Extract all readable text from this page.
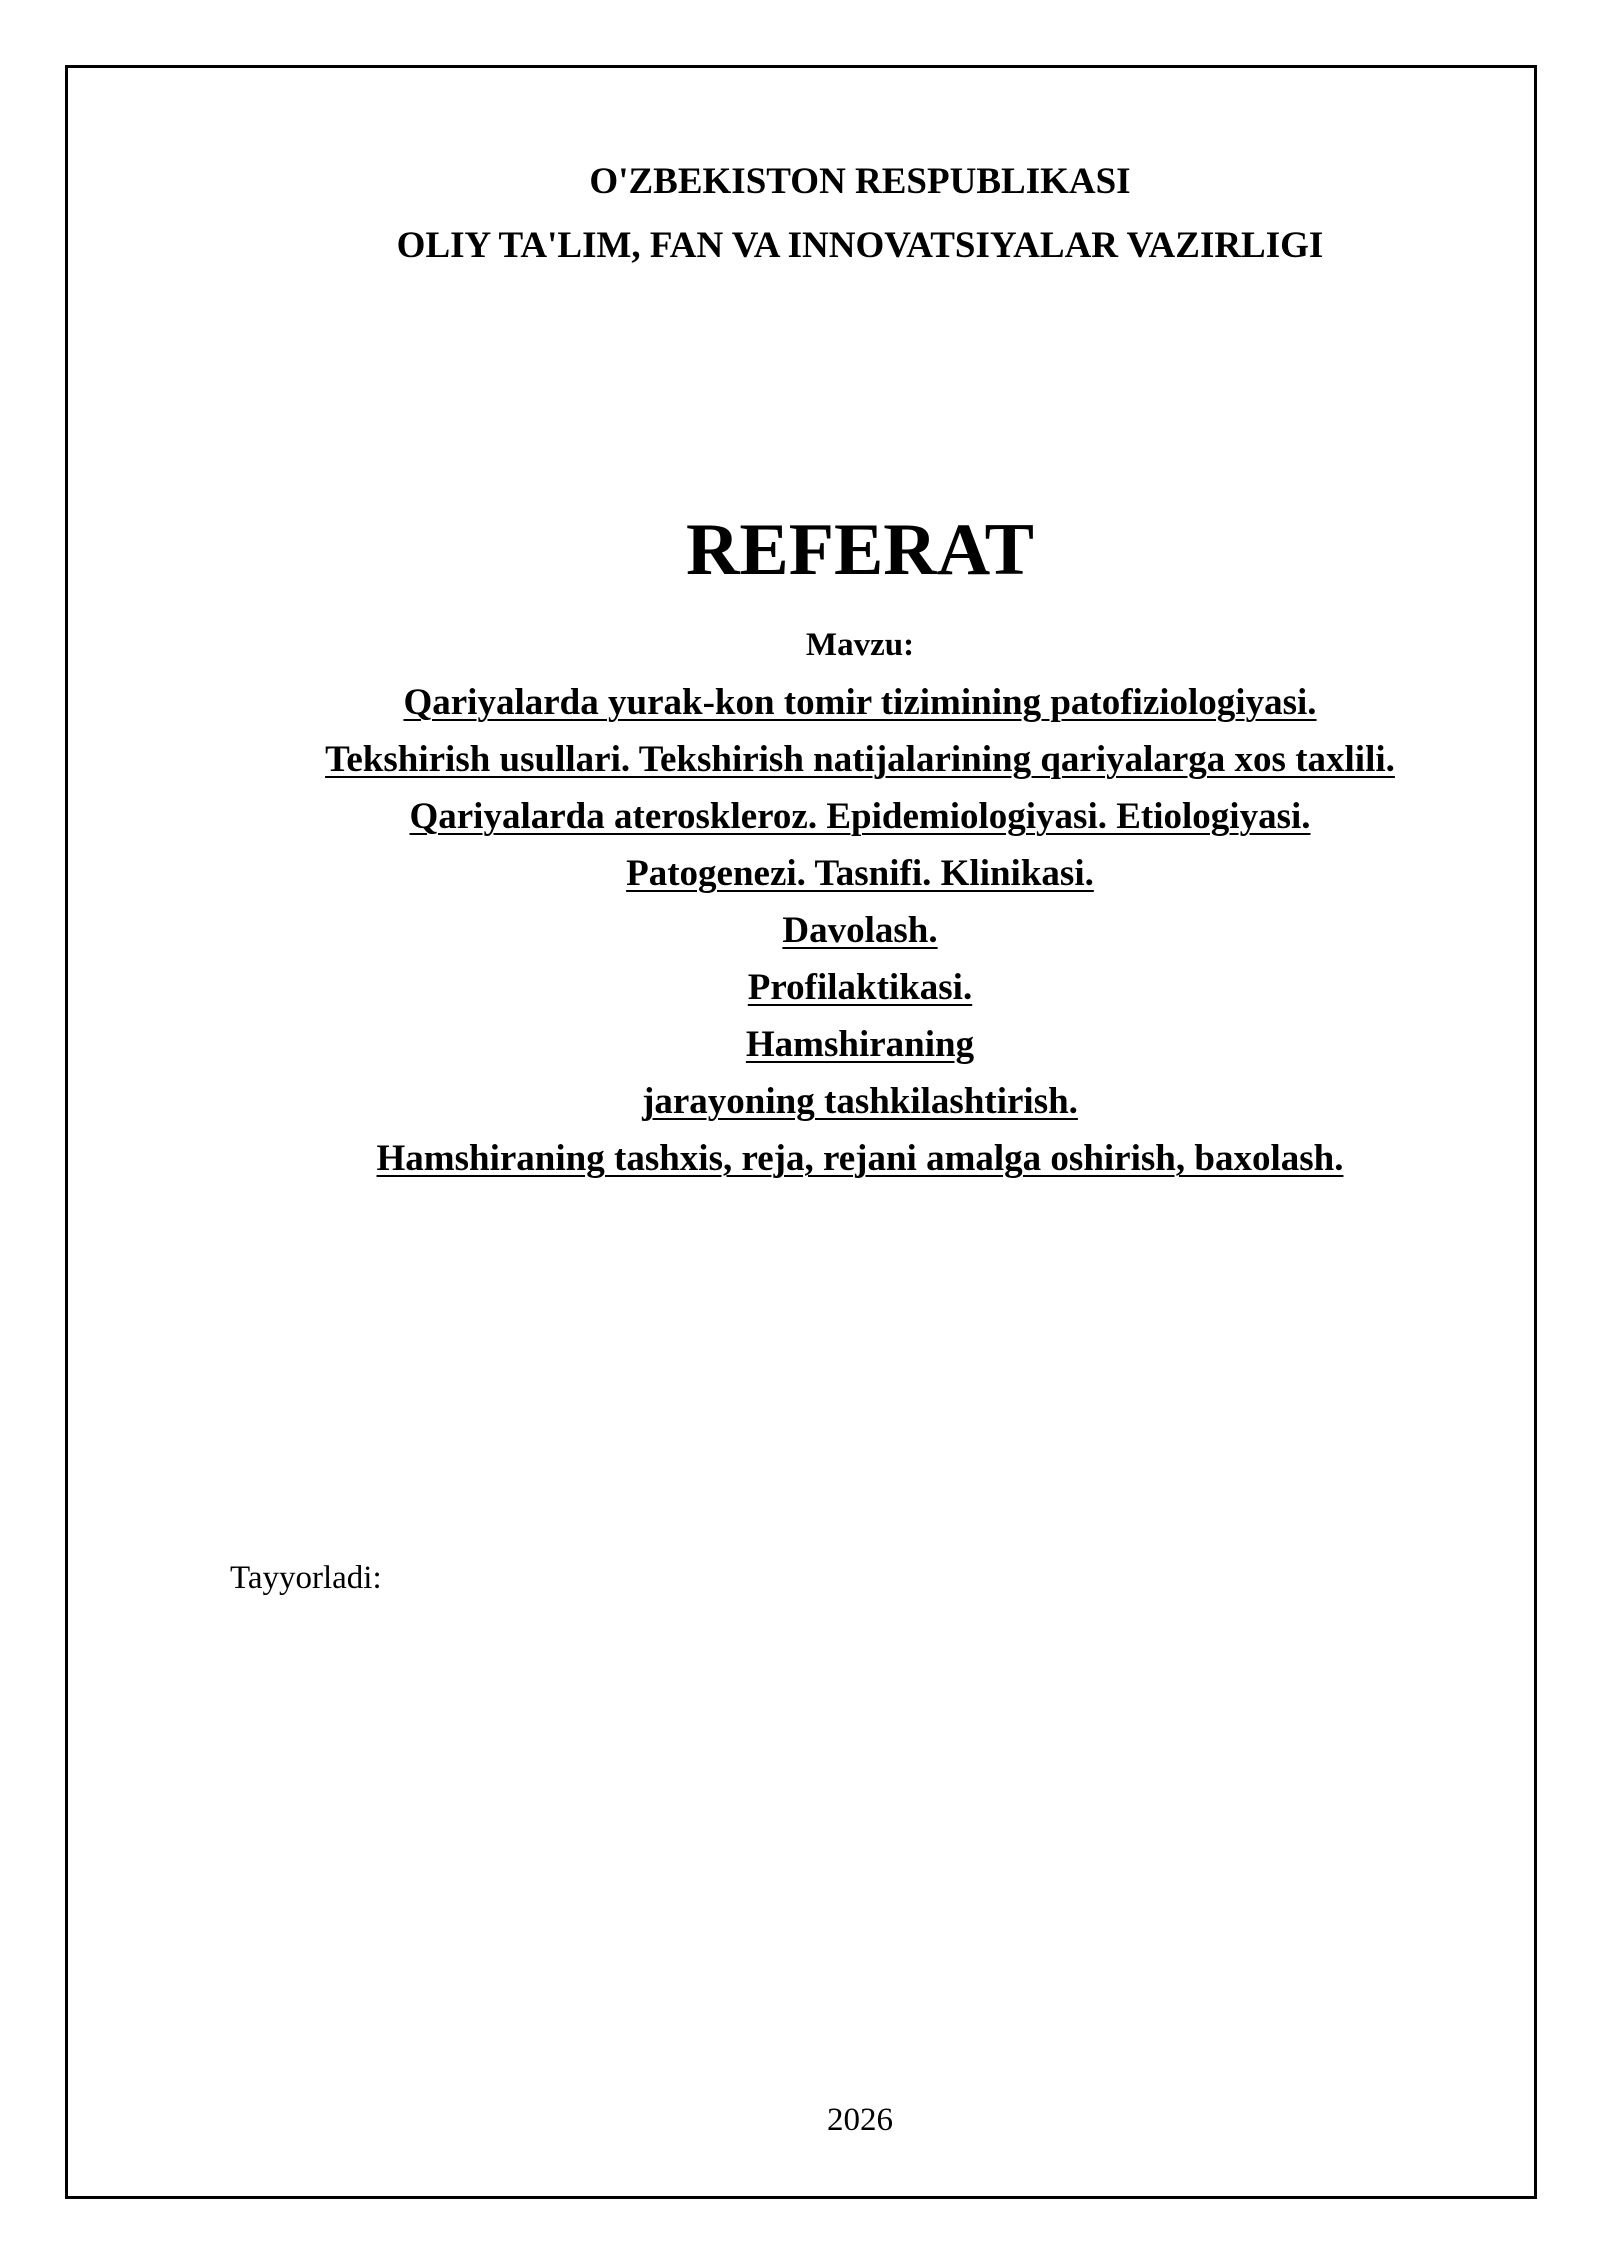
O'ZBEKISTON RESPUBLIKASI
OLIY TA'LIM, FAN VA INNOVATSIYALAR VAZIRLIGI
REFERAT
Mavzu:
Qariyalarda yurak-kon tomir tizimining patofiziologiyasi.
Tekshirish usullari. Tekshirish natijalarining qariyalarga xos taxlili.
Qariyalarda ateroskleroz. Epidemiologiyasi. Etiologiyasi.
Patogenezi. Tasnifi. Klinikasi.
Davolash.
Profilaktikasi.
Hamshiraning
jarayoning tashkilashtirish.
Hamshiraning tashxis, reja, rejani amalga oshirish, baxolash.
Tayyorladi:
2026
